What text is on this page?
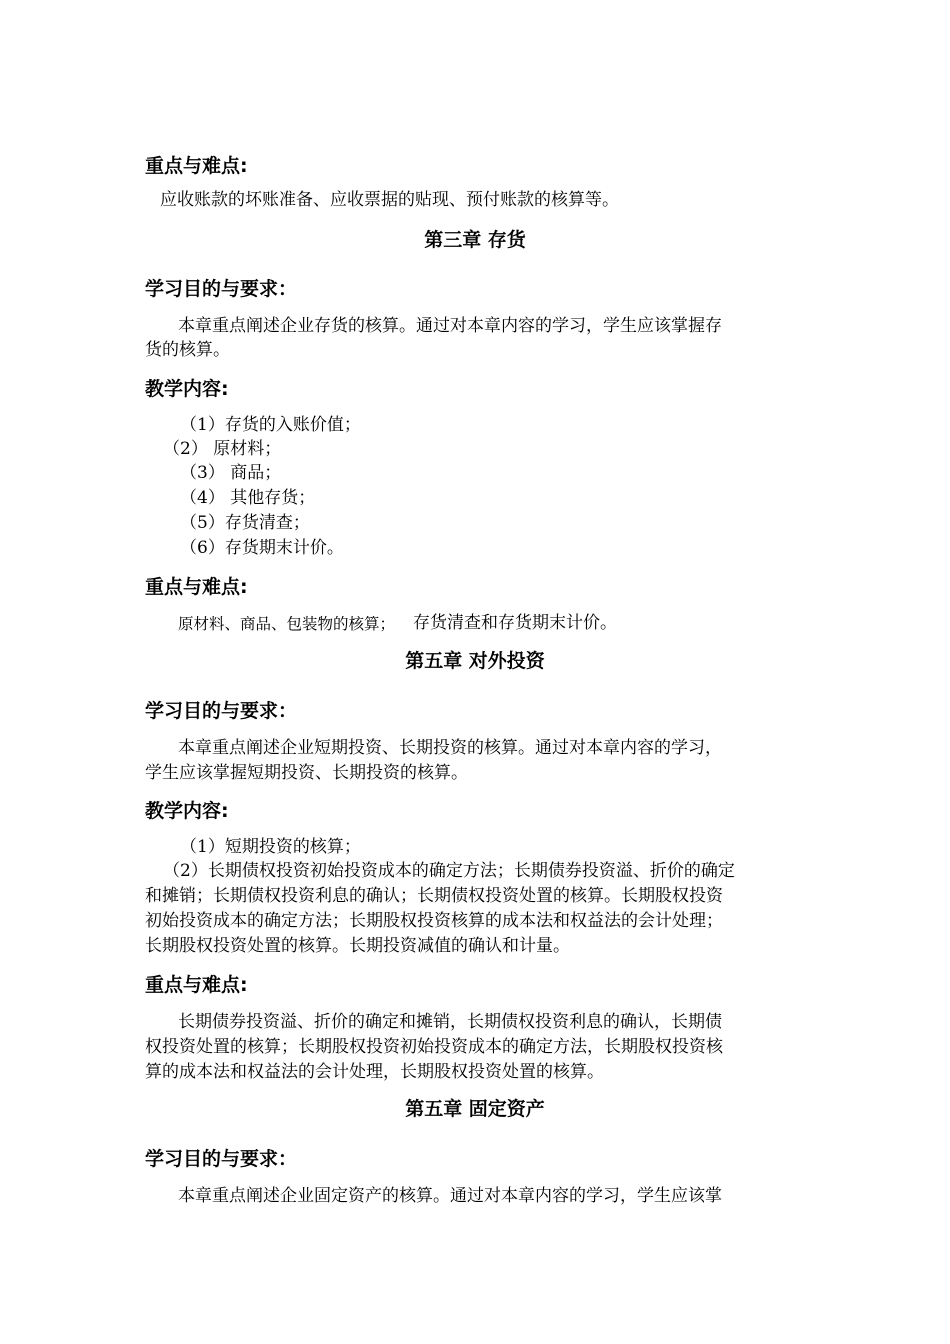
重点与难点:
应收账款的坏账准备、应收票据的贴现、预付账款的核算等。
第三章 存货
学习目的与要求：
本章重点阐述企业存货的核算。通过对本章内容的学习，学生应该掌握存
货的核算。
教学内容:
（1）存货的入账价值；
（2） 原材料；
（3） 商品；
（4） 其他存货；
（5）存货清查；
（6）存货期末计价。
重点与难点:
原材料、商品、包装物的核算； 存货清查和存货期末计价。
第五章 对外投资
学习目的与要求：
本章重点阐述企业短期投资、长期投资的核算。通过对本章内容的学习，
学生应该掌握短期投资、长期投资的核算。
教学内容:
（1）短期投资的核算；
（2）长期债权投资初始投资成本的确定方法；长期债券投资溢、折价的确定
和摊销；长期债权投资利息的确认；长期债权投资处置的核算。长期股权投资
初始投资成本的确定方法；长期股权投资核算的成本法和权益法的会计处理；
长期股权投资处置的核算。长期投资减值的确认和计量。
重点与难点:
长期债券投资溢、折价的确定和摊销，长期债权投资利息的确认，长期债
权投资处置的核算；长期股权投资初始投资成本的确定方法，长期股权投资核
算的成本法和权益法的会计处理，长期股权投资处置的核算。
第五章 固定资产
学习目的与要求：
本章重点阐述企业固定资产的核算。通过对本章内容的学习，学生应该掌
